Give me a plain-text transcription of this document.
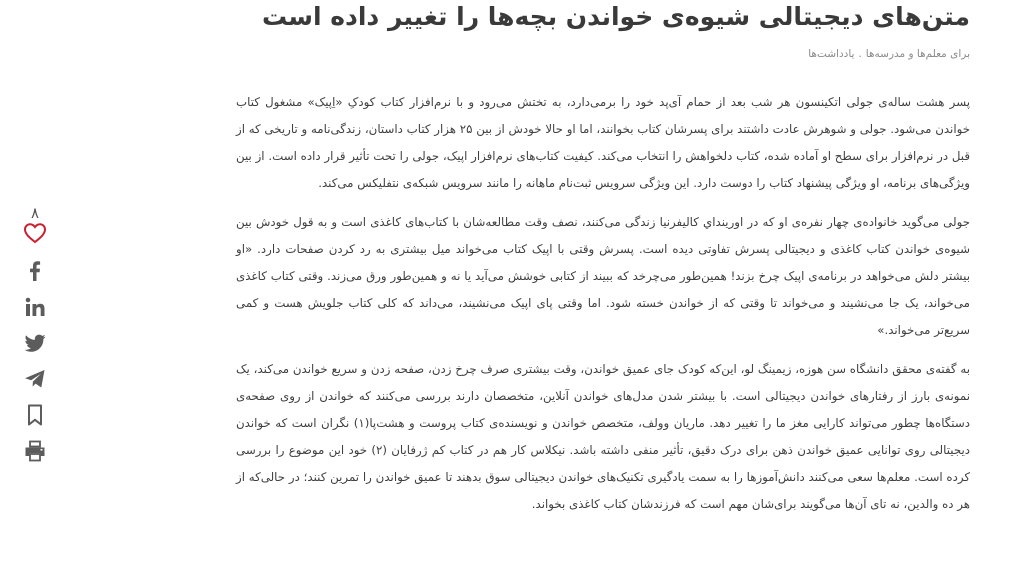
متن‌های دیجیتالی شیوه‌ی خواندن بچه‌ها را تغییر داده است
برای معلم‌ها و مدرسه‌ها.یادداشت‌ها

پسر هشت ساله‌ی جولی اتکینسون هر شب بعد از حمام آی‌پد خود را برمی‌دارد، به تختش می‌رود و با نرم‌افزار کتاب کودکِ «اِپیک» مشغول کتاب خواندن می‌شود. جولی و شوهرش عادت داشتند برای پسرشان کتاب بخوانند، اما او حالا خودش از بین ۲۵ هزار کتاب داستان، زندگی‌نامه و تاریخی که از قبل در نرم‌افزار برای سطح او آماده شده، کتاب دلخواهش را انتخاب می‌کند. کیفیت کتاب‌های نرم‌افزار اپیک، جولی را تحت تأثیر قرار داده است. از بین ویژگی‌های برنامه، او ویژگی پیشنهاد کتاب را دوست دارد. این ویژگی سرویس ثبت‌نام ماهانه را مانند سرویس شبکه‌ی نتفلیکس می‌کند.

جولی می‌گوید خانواده‌ی چهار نفره‌ی او که در اورینداي كاليفرنيا زندگی می‌کنند، نصف وقت مطالعه‌شان با کتاب‌های کاغذی است و به قول خودش بین شیوه‌ی خواندن کتاب کاغذی و دیجیتالی پسرش تفاوتی دیده است. پسرش وقتی با اپیک کتاب می‌خواند میل بیشتری به رد کردن صفحات دارد. «او بیشتر دلش می‌خواهد در برنامه‌ی اپیک چرخ بزند! همین‌طور می‌چرخد که ببیند از کتابی خوشش می‌آید یا نه و همین‌طور ورق می‌زند. وقتی کتاب کاغذی می‌خواند، یک جا می‌نشیند و می‌خواند تا وقتی که از خواندن خسته شود. اما وقتی پای اپیک می‌نشیند، می‌داند که کلی کتاب جلویش هست و کمی سریع‌تر می‌خواند.»

به گفته‌ی محقق دانشگاه سن هوزه، زیمینگ لو، این‌که کودک جای عمیق خواندن، وقت بیشتری صرف چرخ زدن، صفحه زدن و سریع خواندن می‌کند، یک نمونه‌ی بارز از رفتارهای خواندن دیجیتالی است. با بیشتر شدن مدل‌های خواندن آنلاین، متخصصان دارند بررسی می‌کنند که خواندن از روی صفحه‌ی دستگاه‌ها چطور می‌تواند کارایی مغز ما را تغییر دهد. ماریان وولف، متخصص خواندن و نویسنده‌ی کتاب پروست و هشت‌پا(۱) نگران است که خواندن دیجیتالی روی توانایی عمیق خواندن ذهن برای درک دقیق، تأثیر منفی داشته باشد. نیکلاس کار هم در کتاب کم ژرفایان (۲) خود این موضوع را بررسی کرده است. معلم‌ها سعی می‌کنند دانش‌آموزها را به سمت یادگیری تکنیک‌های خواندن دیجیتالی سوق بدهند تا عمیق خواندن را تمرین کنند؛ در حالی‌که از هر ده والدین، نه تای آن‌ها می‌گویند برای‌شان مهم است که فرزندشان کتاب کاغذی بخواند.

۸
